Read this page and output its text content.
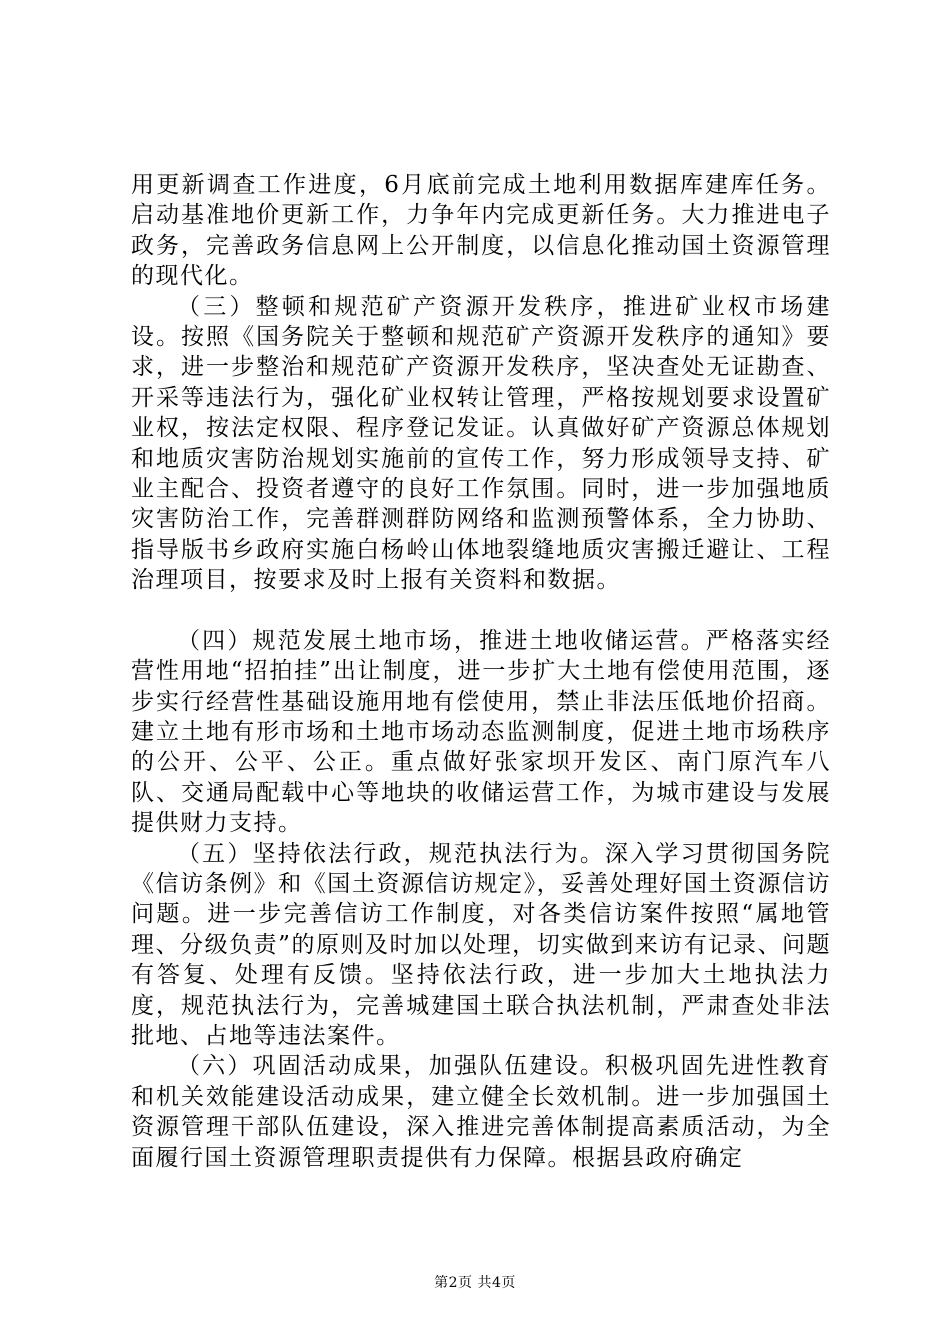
用更新调查工作进度，6月底前完成土地利用数据库建库任务。启动基准地价更新工作，力争年内完成更新任务。大力推进电子政务，完善政务信息网上公开制度，以信息化推动国土资源管理的现代化。

（三）整顿和规范矿产资源开发秩序，推进矿业权市场建设。按照《国务院关于整顿和规范矿产资源开发秩序的通知》要求，进一步整治和规范矿产资源开发秩序，坚决查处无证勘查、开采等违法行为，强化矿业权转让管理，严格按规划要求设置矿业权，按法定权限、程序登记发证。认真做好矿产资源总体规划和地质灾害防治规划实施前的宣传工作，努力形成领导支持、矿业主配合、投资者遵守的良好工作氛围。同时，进一步加强地质灾害防治工作，完善群测群防网络和监测预警体系，全力协助、指导版书乡政府实施白杨岭山体地裂缝地质灾害搬迁避让、工程治理项目，按要求及时上报有关资料和数据。

（四）规范发展土地市场，推进土地收储运营。严格落实经营性用地“招拍挂”出让制度，进一步扩大土地有偿使用范围，逐步实行经营性基础设施用地有偿使用，禁止非法压低地价招商。建立土地有形市场和土地市场动态监测制度，促进土地市场秩序的公开、公平、公正。重点做好张家坝开发区、南门原汽车八队、交通局配载中心等地块的收储运营工作，为城市建设与发展提供财力支持。

（五）坚持依法行政，规范执法行为。深入学习贯彻国务院《信访条例》和《国土资源信访规定》，妥善处理好国土资源信访问题。进一步完善信访工作制度，对各类信访案件按照“属地管理、分级负责”的原则及时加以处理，切实做到来访有记录、问题有答复、处理有反馈。坚持依法行政，进一步加大土地执法力度，规范执法行为，完善城建国土联合执法机制，严肃查处非法批地、占地等违法案件。

（六）巩固活动成果，加强队伍建设。积极巩固先进性教育和机关效能建设活动成果，建立健全长效机制。进一步加强国土资源管理干部队伍建设，深入推进完善体制提高素质活动，为全面履行国土资源管理职责提供有力保障。根据县政府确定

第2页 共4页
